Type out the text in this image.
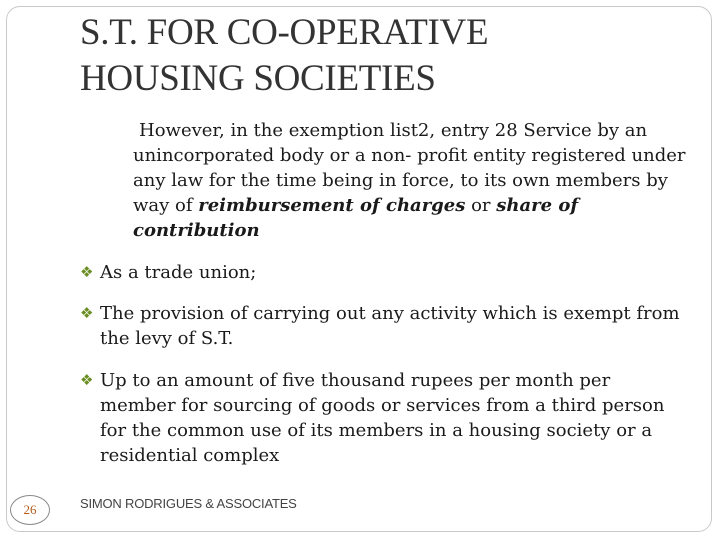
S.T. FOR CO-OPERATIVE
HOUSING SOCIETIES

However, in the exemption list2, entry 28 Service by an unincorporated body or a non- profit entity registered under any law for the time being in force, to its own members by way of reimbursement of charges or share of contribution

❖ As a trade union;
❖ The provision of carrying out any activity which is exempt from the levy of S.T.
❖ Up to an amount of five thousand rupees per month per member for sourcing of goods or services from a third person for the common use of its members in a housing society or a residential complex
26	SIMON RODRIGUES & ASSOCIATES
